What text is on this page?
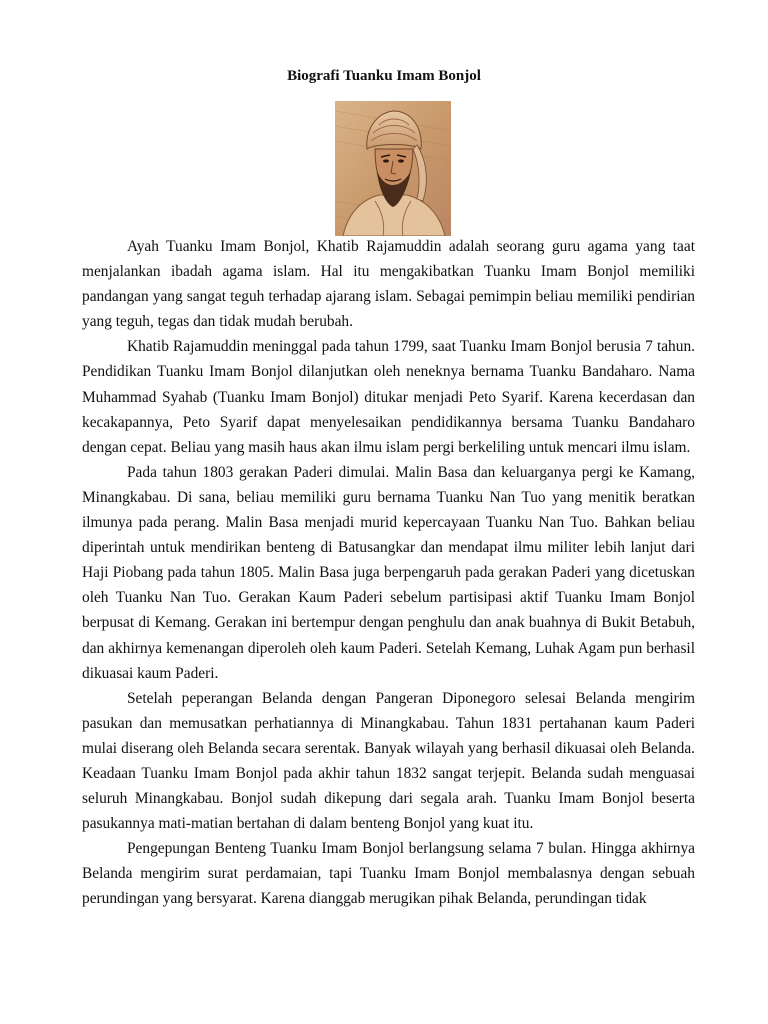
Biografi Tuanku Imam Bonjol

Ayah Tuanku Imam Bonjol, Khatib Rajamuddin adalah seorang guru agama yang taat menjalankan ibadah agama islam. Hal itu mengakibatkan Tuanku Imam Bonjol memiliki pandangan yang sangat teguh terhadap ajarang islam. Sebagai pemimpin beliau memiliki pendirian yang teguh, tegas dan tidak mudah berubah.

Khatib Rajamuddin meninggal pada tahun 1799, saat Tuanku Imam Bonjol berusia 7 tahun. Pendidikan Tuanku Imam Bonjol dilanjutkan oleh neneknya bernama Tuanku Bandaharo. Nama Muhammad Syahab (Tuanku Imam Bonjol) ditukar menjadi Peto Syarif. Karena kecerdasan dan kecakapannya, Peto Syarif dapat menyelesaikan pendidikannya bersama Tuanku Bandaharo dengan cepat. Beliau yang masih haus akan ilmu islam pergi berkeliling untuk mencari ilmu islam.

Pada tahun 1803 gerakan Paderi dimulai. Malin Basa dan keluarganya pergi ke Kamang, Minangkabau. Di sana, beliau memiliki guru bernama Tuanku Nan Tuo yang menitik beratkan ilmunya pada perang. Malin Basa menjadi murid kepercayaan Tuanku Nan Tuo. Bahkan beliau diperintah untuk mendirikan benteng di Batusangkar dan mendapat ilmu militer lebih lanjut dari Haji Piobang pada tahun 1805. Malin Basa juga berpengaruh pada gerakan Paderi yang dicetuskan oleh Tuanku Nan Tuo. Gerakan Kaum Paderi sebelum partisipasi aktif Tuanku Imam Bonjol berpusat di Kemang. Gerakan ini bertempur dengan penghulu dan anak buahnya di Bukit Betabuh, dan akhirnya kemenangan diperoleh oleh kaum Paderi. Setelah Kemang, Luhak Agam pun berhasil dikuasai kaum Paderi.

Setelah peperangan Belanda dengan Pangeran Diponegoro selesai Belanda mengirim pasukan dan memusatkan perhatiannya di Minangkabau. Tahun 1831 pertahanan kaum Paderi mulai diserang oleh Belanda secara serentak. Banyak wilayah yang berhasil dikuasai oleh Belanda. Keadaan Tuanku Imam Bonjol pada akhir tahun 1832 sangat terjepit. Belanda sudah menguasai seluruh Minangkabau. Bonjol sudah dikepung dari segala arah. Tuanku Imam Bonjol beserta pasukannya mati-matian bertahan di dalam benteng Bonjol yang kuat itu.

Pengepungan Benteng Tuanku Imam Bonjol berlangsung selama 7 bulan. Hingga akhirnya Belanda mengirim surat perdamaian, tapi Tuanku Imam Bonjol membalasnya dengan sebuah perundingan yang bersyarat. Karena dianggab merugikan pihak Belanda, perundingan tidak
